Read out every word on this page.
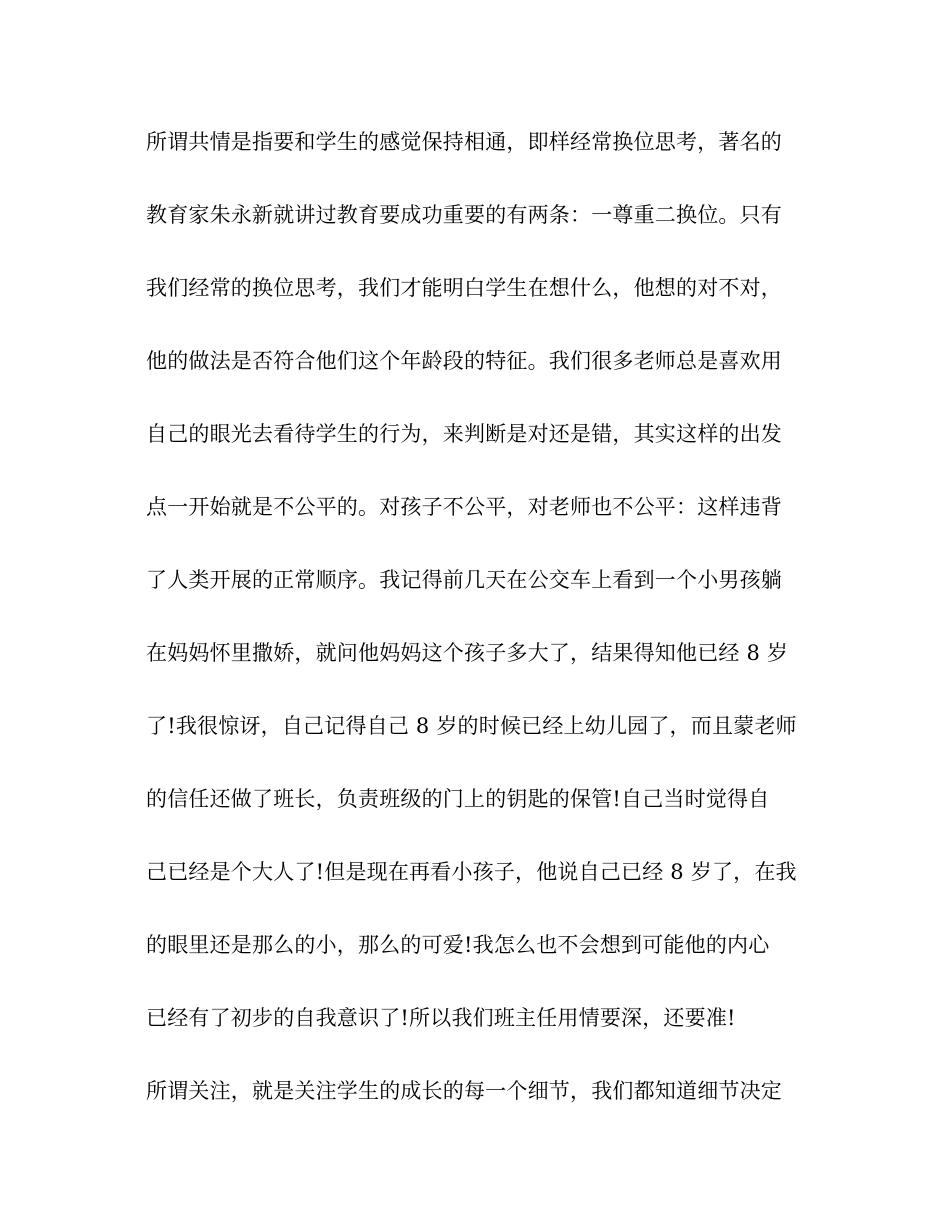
所谓共情是指要和学生的感觉保持相通，即样经常换位思考，著名的
教育家朱永新就讲过教育要成功重要的有两条：一尊重二换位。只有
我们经常的换位思考，我们才能明白学生在想什么，他想的对不对，
他的做法是否符合他们这个年龄段的特征。我们很多老师总是喜欢用
自己的眼光去看待学生的行为，来判断是对还是错，其实这样的出发
点一开始就是不公平的。对孩子不公平，对老师也不公平：这样违背
了人类开展的正常顺序。我记得前几天在公交车上看到一个小男孩躺
在妈妈怀里撒娇，就问他妈妈这个孩子多大了，结果得知他已经 8 岁
了!我很惊讶，自己记得自己 8 岁的时候已经上幼儿园了，而且蒙老师
的信任还做了班长，负责班级的门上的钥匙的保管!自己当时觉得自
己已经是个大人了!但是现在再看小孩子，他说自己已经 8 岁了，在我
的眼里还是那么的小，那么的可爱!我怎么也不会想到可能他的内心
已经有了初步的自我意识了!所以我们班主任用情要深，还要准!
所谓关注，就是关注学生的成长的每一个细节，我们都知道细节决定
